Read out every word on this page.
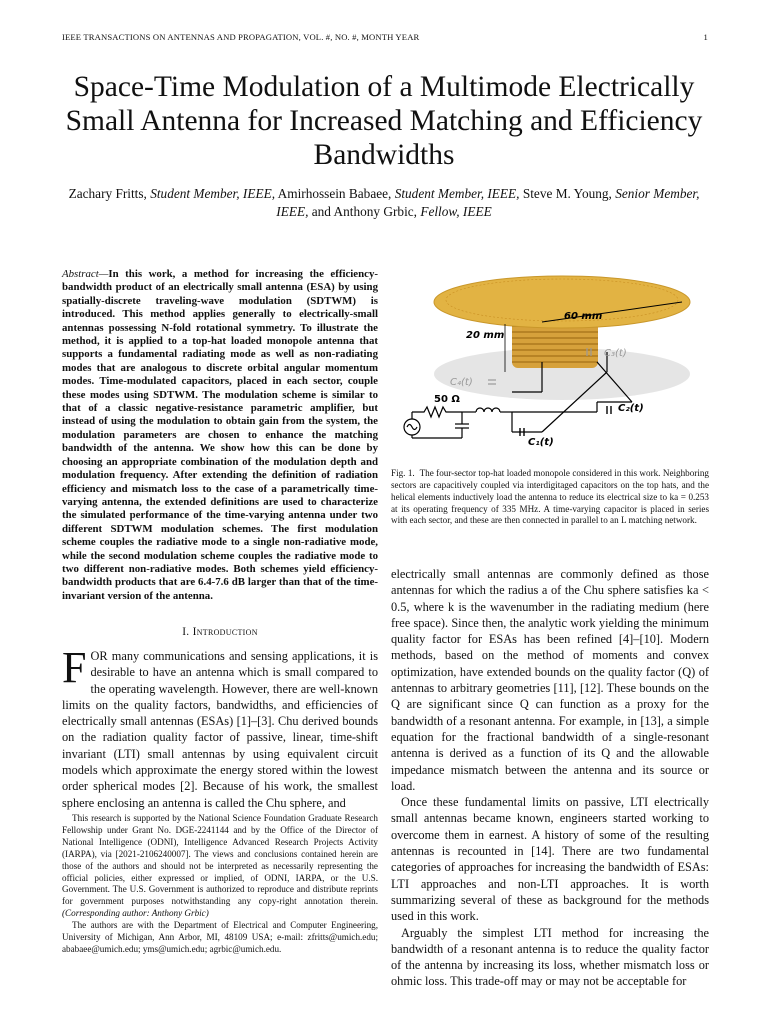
IEEE TRANSACTIONS ON ANTENNAS AND PROPAGATION, VOL. #, NO. #, MONTH YEAR	1
Space-Time Modulation of a Multimode Electrically Small Antenna for Increased Matching and Efficiency Bandwidths
Zachary Fritts, Student Member, IEEE, Amirhossein Babaee, Student Member, IEEE, Steve M. Young, Senior Member, IEEE, and Anthony Grbic, Fellow, IEEE
Abstract—In this work, a method for increasing the efficiency-bandwidth product of an electrically small antenna (ESA) by using spatially-discrete traveling-wave modulation (SDTWM) is introduced. This method applies generally to electrically-small antennas possessing N-fold rotational symmetry. To illustrate the method, it is applied to a top-hat loaded monopole antenna that supports a fundamental radiating mode as well as non-radiating modes that are analogous to discrete orbital angular momentum modes. Time-modulated capacitors, placed in each sector, couple these modes using SDTWM. The modulation scheme is similar to that of a classic negative-resistance parametric amplifier, but instead of using the modulation to obtain gain from the system, the modulation parameters are chosen to enhance the matching bandwidth of the antenna. We show how this can be done by choosing an appropriate combination of the modulation depth and modulation frequency. After extending the definition of radiation efficiency and mismatch loss to the case of a parametrically time-varying antenna, the extended definitions are used to characterize the simulated performance of the time-varying antenna under two different SDTWM modulation schemes. The first modulation scheme couples the radiative mode to a single non-radiative mode, while the second modulation scheme couples the radiative mode to two different non-radiative modes. Both schemes yield efficiency-bandwidth products that are 6.4-7.6 dB larger than that of the time-invariant version of the antenna.
I. Introduction
FOR many communications and sensing applications, it is desirable to have an antenna which is small compared to the operating wavelength. However, there are well-known limits on the quality factors, bandwidths, and efficiencies of electrically small antennas (ESAs) [1]–[3]. Chu derived bounds on the radiation quality factor of passive, linear, time-shift invariant (LTI) small antennas by using equivalent circuit models which approximate the energy stored within the lowest order spherical modes [2]. Because of his work, the smallest sphere enclosing an antenna is called the Chu sphere, and

This research is supported by the National Science Foundation Graduate Research Fellowship under Grant No. DGE-2241144 and by the Office of the Director of National Intelligence (ODNI), Intelligence Advanced Research Projects Activity (IARPA), via [2021-2106240007]. The views and conclusions contained herein are those of the authors and should not be interpreted as necessarily representing the official policies, either expressed or implied, of ODNI, IARPA, or the U.S. Government. The U.S. Government is authorized to reproduce and distribute reprints for government purposes notwithstanding any copy-right annotation therein. (Corresponding author: Anthony Grbic)

The authors are with the Department of Electrical and Computer Engineering, University of Michigan, Ann Arbor, MI, 48109 USA; e-mail: zfritts@umich.edu; ababaee@umich.edu; yms@umich.edu; agrbic@umich.edu.

60 mm
20 mm
50 Ω
C₁(t)
C₂(t)
C₃(t)
C₄(t)
Fig. 1. The four-sector top-hat loaded monopole considered in this work. Neighboring sectors are capacitively coupled via interdigitaged capacitors on the top hats, and the helical elements inductively load the antenna to reduce its electrical size to ka = 0.253 at its operating frequency of 335 MHz. A time-varying capacitor is placed in series with each sector, and these are then connected in parallel to an L matching network.

electrically small antennas are commonly defined as those antennas for which the radius a of the Chu sphere satisfies ka < 0.5, where k is the wavenumber in the radiating medium (here free space). Since then, the analytic work yielding the minimum quality factor for ESAs has been refined [4]–[10]. Modern methods, based on the method of moments and convex optimization, have extended bounds on the quality factor (Q) of antennas to arbitrary geometries [11], [12]. These bounds on the Q are significant since Q can function as a proxy for the bandwidth of a resonant antenna. For example, in [13], a simple equation for the fractional bandwidth of a single-resonant antenna is derived as a function of its Q and the allowable impedance mismatch between the antenna and its source or load.

Once these fundamental limits on passive, LTI electrically small antennas became known, engineers started working to overcome them in earnest. A history of some of the resulting antennas is recounted in [14]. There are two fundamental categories of approaches for increasing the bandwidth of ESAs: LTI approaches and non-LTI approaches. It is worth summarizing several of these as background for the methods used in this work.

Arguably the simplest LTI method for increasing the bandwidth of a resonant antenna is to reduce the quality factor of the antenna by increasing its loss, whether mismatch loss or ohmic loss. This trade-off may or may not be acceptable for
